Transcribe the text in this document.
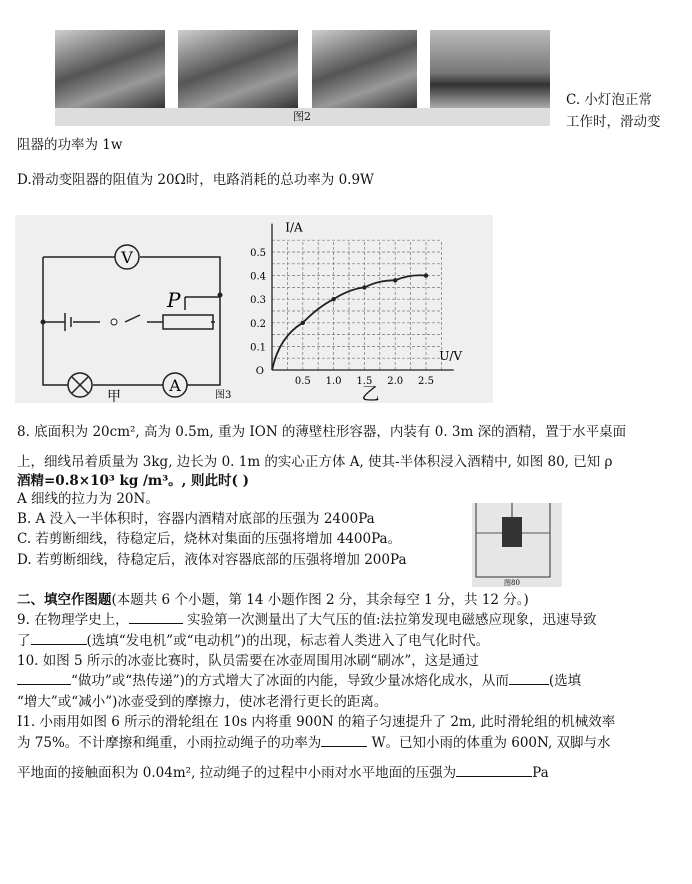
图2
C. 小灯泡正常
工作时，滑动变
阻器的功率为 1w
D.滑动变阻器的阻值为 20Ω时，电路消耗的总功率为 0.9W
V
A
P
甲	图3
0.1
0.2
0.3
0.4
0.5
0.5 1.0 1.5 2.0 2.5
O
I/A
U/V
乙
8. 底面积为 20cm², 高为 0.5m, 重为 ION 的薄壁柱形容器，内装有 0. 3m 深的酒精，置于水平桌面
上，细线吊着质量为 3kg, 边长为 0. 1m 的实心正方体 A, 使其-半体积浸入酒精中, 如图 80, 已知 ρ
酒精=0.8×10³ kg /m³。, 则此时( )
A 细线的拉力为 20N。
B. A 没入一半体积时，容器内酒精对底部的压强为 2400Pa
C. 若剪断细线，待稳定后，烧林对集面的压强将增加 4400Pa。
D. 若剪断细线，待稳定后，液体对容器底部的压强将增加 200Pa
图80
二、填空作图题(本题共 6 个小题，第 14 小题作图 2 分，其余每空 1 分，共 12 分。)
9. 在物理学史上，	实验第一次测量出了大气压的值:法拉第发现电磁感应现象，迅速导致
了	(选填“发电机”或“电动机”)的出现，标志着人类进入了电气化时代。
10. 如图 5 所示的冰壶比赛时，队员需要在冰壶周围用冰刷“刷冰”，这是通过
“做功”或“热传递”)的方式增大了冰面的内能，导致少量冰熔化成水，从而	(选填
“增大”或“减小”)冰壶受到的摩擦力，使冰老滑行更长的距离。
I1. 小雨用如图 6 所示的滑轮组在 10s 内将重 900N 的箱子匀速提升了 2m, 此时滑轮组的机械效率
为 75%。不计摩擦和绳重，小雨拉动绳子的功率为	W。已知小雨的体重为 600N, 双脚与水
平地面的接触面积为 0.04m², 拉动绳子的过程中小雨对水平地面的压强为	Pa
